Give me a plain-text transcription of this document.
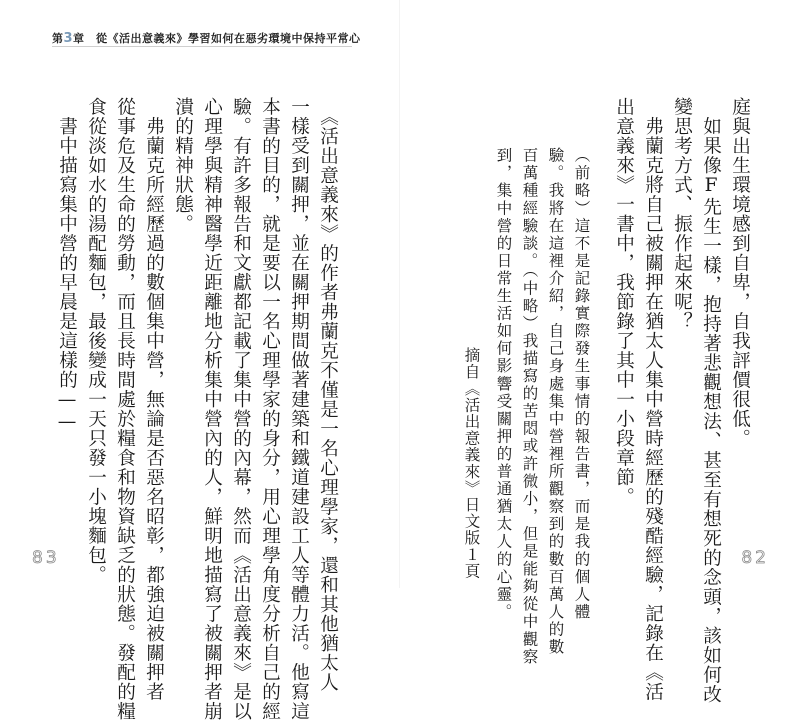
第3章　 從《活出意義來》學習如何在惡劣環境中保持平常心
　《活出意義來》的作者弗蘭克不僅是一名心理學家，還和其他猶太人
一樣受到關押，並在關押期間做著建築和鐵道建設工人等體力活。他寫這
本書的目的，就是要以一名心理學家的身分，用心理學角度分析自己的經
驗。有許多報告和文獻都記載了集中營的內幕，然而《活出意義來》是以
心理學與精神醫學近距離地分析集中營內的人，鮮明地描寫了被關押者崩
潰的精神狀態。
　弗蘭克所經歷過的數個集中營，無論是否惡名昭彰，都強迫被關押者
從事危及生命的勞動，而且長時間處於糧食和物資缺乏的狀態。發配的糧
食從淡如水的湯配麵包，最後變成一天只發一小塊麵包。
　書中描寫集中營的早晨是這樣的——
83
庭與出生環境感到自卑，自我評價很低。
　如果像F先生一樣，抱持著悲觀想法、甚至有想死的念頭，該如何改
變思考方式、振作起來呢？
　弗蘭克將自己被關押在猶太人集中營時經歷的殘酷經驗，記錄在《活
出意義來》一書中，我節錄了其中一小段章節。
（前略）這不是記錄實際發生事情的報告書，而是我的個人體
驗。我將在這裡介紹，自己身處集中營裡所觀察到的數百萬人的數
百萬種經驗談。（中略）我描寫的苦悶或許微小，但是能夠從中觀察
到，集中營的日常生活如何影響受關押的普通猶太人的心靈。
摘自《活出意義來》日文版１頁	82
